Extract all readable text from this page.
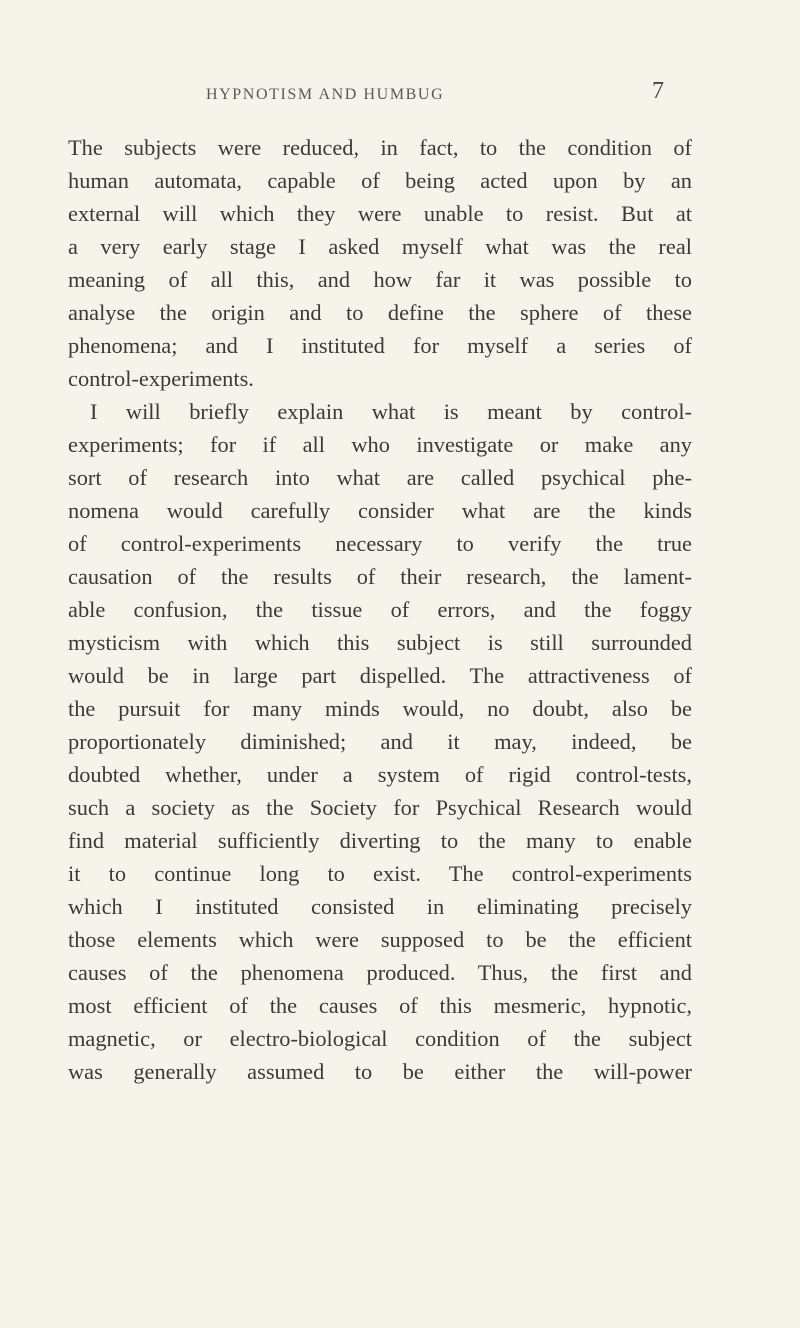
HYPNOTISM AND HUMBUG	7
The subjects were reduced, in fact, to the condition of
human automata, capable of being acted upon by an
external will which they were unable to resist. But at
a very early stage I asked myself what was the real
meaning of all this, and how far it was possible to
analyse the origin and to define the sphere of these
phenomena; and I instituted for myself a series of
control-experiments.
I will briefly explain what is meant by control-
experiments; for if all who investigate or make any
sort of research into what are called psychical phe-
nomena would carefully consider what are the kinds
of control-experiments necessary to verify the true
causation of the results of their research, the lament-
able confusion, the tissue of errors, and the foggy
mysticism with which this subject is still surrounded
would be in large part dispelled. The attractiveness of
the pursuit for many minds would, no doubt, also be
proportionately diminished; and it may, indeed, be
doubted whether, under a system of rigid control-tests,
such a society as the Society for Psychical Research would
find material sufficiently diverting to the many to enable
it to continue long to exist. The control-experiments
which I instituted consisted in eliminating precisely
those elements which were supposed to be the efficient
causes of the phenomena produced. Thus, the first and
most efficient of the causes of this mesmeric, hypnotic,
magnetic, or electro-biological condition of the subject
was generally assumed to be either the will-power
